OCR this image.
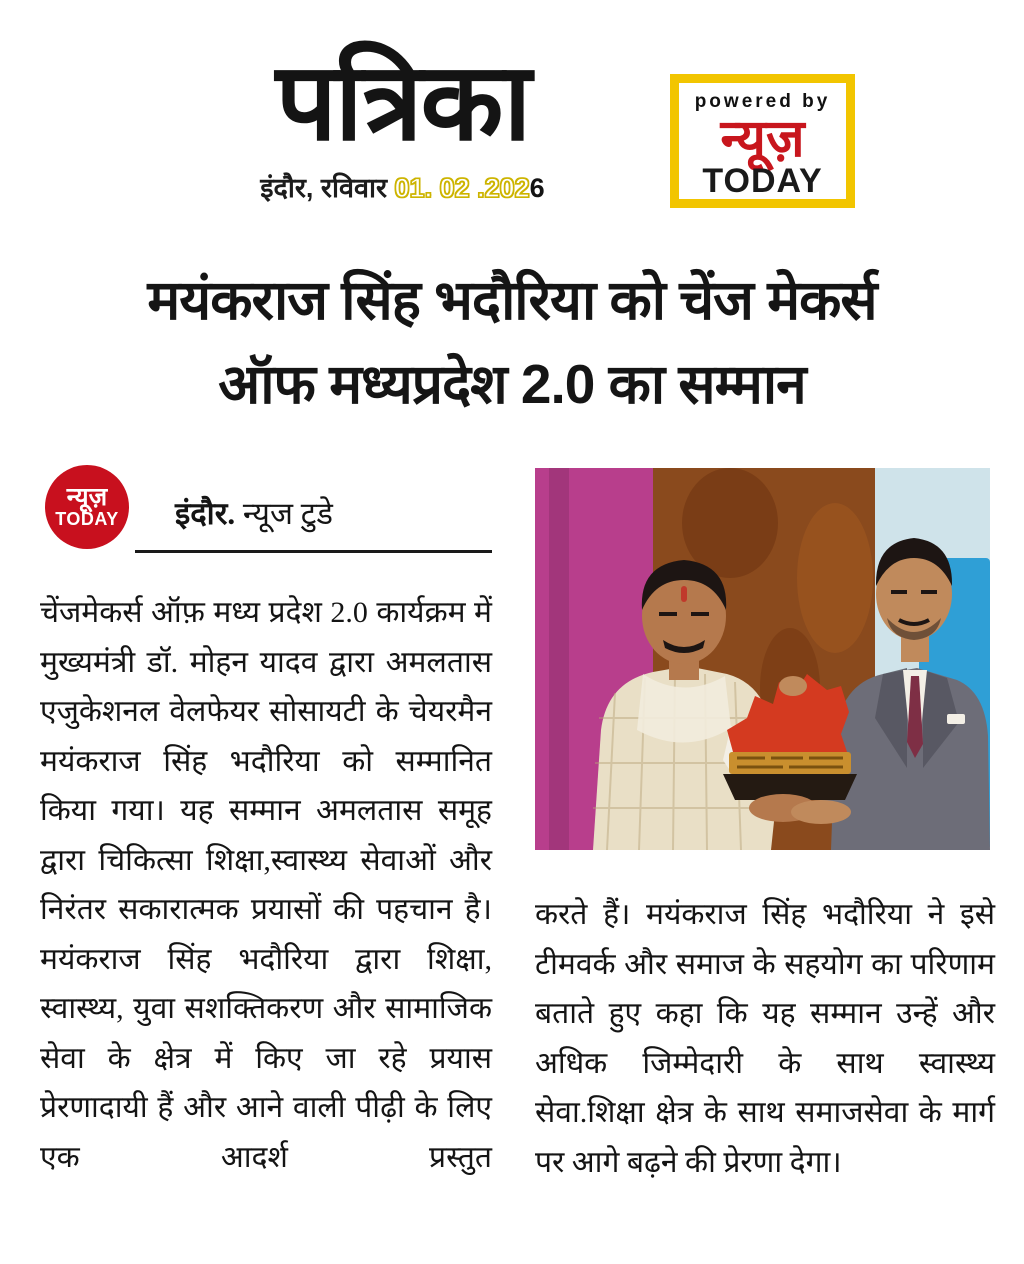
पत्रिका
इंदौर, रविवार 01. 02 .2026
powered by
न्यूज़
TODAY
मयंकराज सिंह भदौरिया को चेंज मेकर्स
ऑफ मध्यप्रदेश 2.0 का सम्मान
न्यूज़
TODAY इंदौर. न्यूज टुडे

चेंजमेकर्स ऑफ़ मध्य प्रदेश 2.0 कार्यक्रम में मुख्यमंत्री डॉ. मोहन यादव द्वारा अमलतास एजुकेशनल वेलफेयर सोसायटी के चेयरमैन मयंकराज सिंह भदौरिया को सम्मानित किया गया। यह सम्मान अमलतास समूह द्वारा चिकित्सा शिक्षा,स्वास्थ्य सेवाओं और निरंतर सकारात्मक प्रयासों की पहचान है। मयंकराज सिंह भदौरिया द्वारा शिक्षा, स्वास्थ्य, युवा सशक्तिकरण और सामाजिक सेवा के क्षेत्र में किए जा रहे प्रयास प्रेरणादायी हैं और आने वाली पीढ़ी के लिए एक आदर्श प्रस्तुत

करते हैं। मयंकराज सिंह भदौरिया ने इसे टीमवर्क और समाज के सहयोग का परिणाम बताते हुए कहा कि यह सम्मान उन्हें और अधिक जिम्मेदारी के साथ स्वास्थ्य सेवा.शिक्षा क्षेत्र के साथ समाजसेवा के मार्ग पर आगे बढ़ने की प्रेरणा देगा।
